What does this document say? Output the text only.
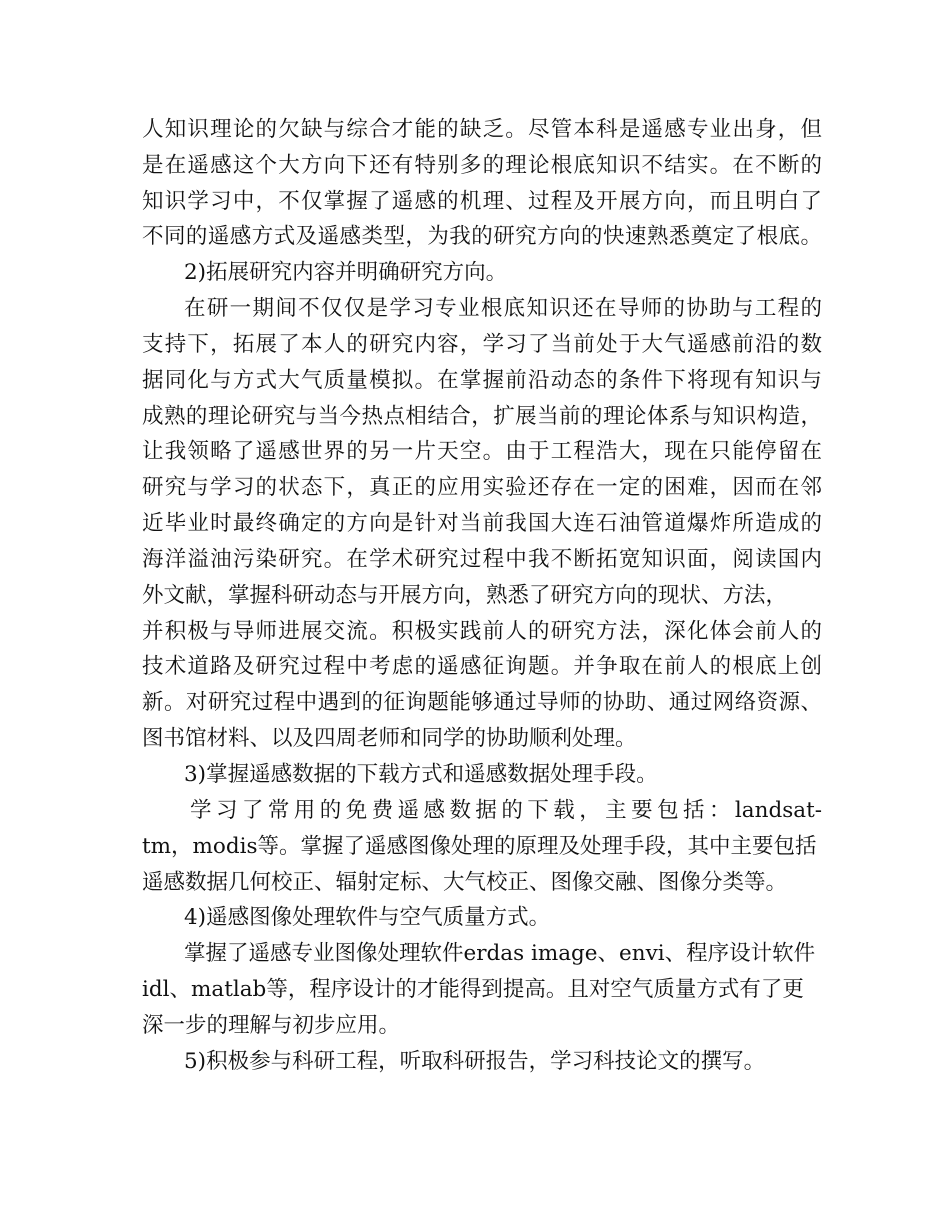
人知识理论的欠缺与综合才能的缺乏。尽管本科是遥感专业出身，但
是在遥感这个大方向下还有特别多的理论根底知识不结实。在不断的
知识学习中，不仅掌握了遥感的机理、过程及开展方向，而且明白了
不同的遥感方式及遥感类型，为我的研究方向的快速熟悉奠定了根底。
2)拓展研究内容并明确研究方向。
在研一期间不仅仅是学习专业根底知识还在导师的协助与工程的
支持下，拓展了本人的研究内容，学习了当前处于大气遥感前沿的数
据同化与方式大气质量模拟。在掌握前沿动态的条件下将现有知识与
成熟的理论研究与当今热点相结合，扩展当前的理论体系与知识构造，
让我领略了遥感世界的另一片天空。由于工程浩大，现在只能停留在
研究与学习的状态下，真正的应用实验还存在一定的困难，因而在邻
近毕业时最终确定的方向是针对当前我国大连石油管道爆炸所造成的
海洋溢油污染研究。在学术研究过程中我不断拓宽知识面，阅读国内
外文献，掌握科研动态与开展方向，熟悉了研究方向的现状、方法，
并积极与导师进展交流。积极实践前人的研究方法，深化体会前人的
技术道路及研究过程中考虑的遥感征询题。并争取在前人的根底上创
新。对研究过程中遇到的征询题能够通过导师的协助、通过网络资源、
图书馆材料、以及四周老师和同学的协助顺利处理。
3)掌握遥感数据的下载方式和遥感数据处理手段。
学习了常用的免费遥感数据的下载，主要包括：landsat-
tm，modis等。掌握了遥感图像处理的原理及处理手段，其中主要包括
遥感数据几何校正、辐射定标、大气校正、图像交融、图像分类等。
4)遥感图像处理软件与空气质量方式。
掌握了遥感专业图像处理软件erdas image、envi、程序设计软件
idl、matlab等，程序设计的才能得到提高。且对空气质量方式有了更
深一步的理解与初步应用。
5)积极参与科研工程，听取科研报告，学习科技论文的撰写。
